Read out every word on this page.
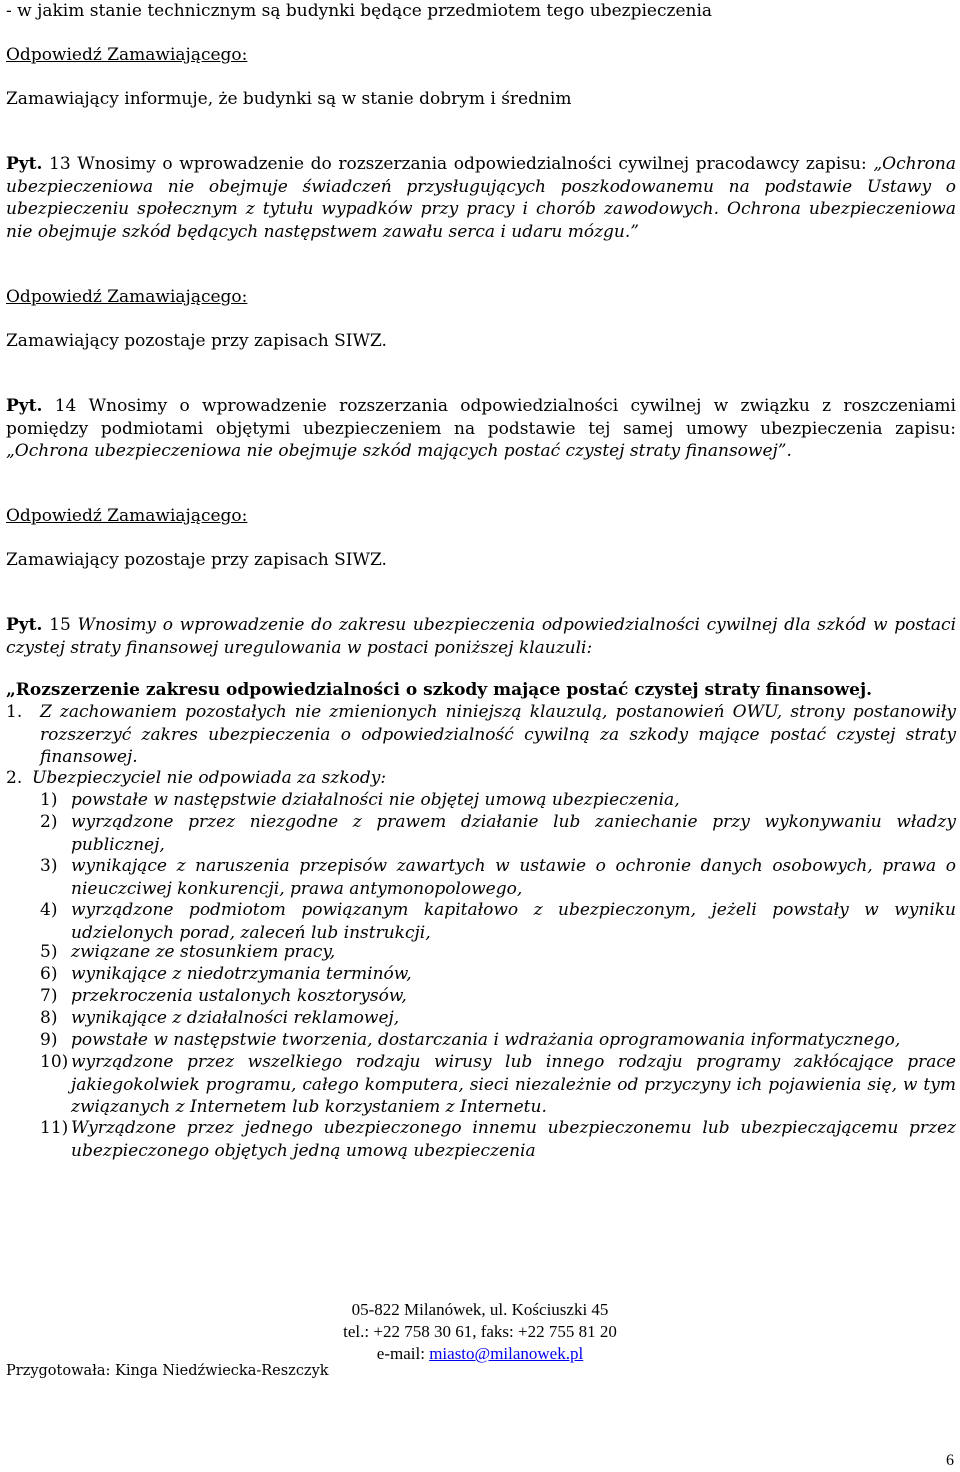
- w jakim stanie technicznym są budynki będące przedmiotem tego ubezpieczenia
Odpowiedź Zamawiającego:
Zamawiający informuje, że budynki są w stanie dobrym i średnim
Pyt. 13 Wnosimy o wprowadzenie do rozszerzania odpowiedzialności cywilnej pracodawcy zapisu: „Ochrona ubezpieczeniowa nie obejmuje świadczeń przysługujących poszkodowanemu na podstawie Ustawy o ubezpieczeniu społecznym z tytułu wypadków przy pracy i chorób zawodowych. Ochrona ubezpieczeniowa nie obejmuje szkód będących następstwem zawału serca i udaru mózgu.”
Odpowiedź Zamawiającego:
Zamawiający pozostaje przy zapisach SIWZ.
Pyt. 14 Wnosimy o wprowadzenie rozszerzania odpowiedzialności cywilnej w związku z roszczeniami pomiędzy podmiotami objętymi ubezpieczeniem na podstawie tej samej umowy ubezpieczenia zapisu: „Ochrona ubezpieczeniowa nie obejmuje szkód mających postać czystej straty finansowej”.
Odpowiedź Zamawiającego:
Zamawiający pozostaje przy zapisach SIWZ.
Pyt. 15 Wnosimy o wprowadzenie do zakresu ubezpieczenia odpowiedzialności cywilnej dla szkód w postaci czystej straty finansowej uregulowania w postaci poniższej klauzuli:
„Rozszerzenie zakresu odpowiedzialności o szkody mające postać czystej straty finansowej.
1. Z zachowaniem pozostałych nie zmienionych niniejszą klauzulą, postanowień OWU, strony postanowiły rozszerzyć zakres ubezpieczenia o odpowiedzialność cywilną za szkody mające postać czystej straty finansowej.
2. Ubezpieczyciel nie odpowiada za szkody:
1) powstałe w następstwie działalności nie objętej umową ubezpieczenia,
2) wyrządzone przez niezgodne z prawem działanie lub zaniechanie przy wykonywaniu władzy publicznej,
3) wynikające z naruszenia przepisów zawartych w ustawie o ochronie danych osobowych, prawa o nieuczciwej konkurencji, prawa antymonopolowego,
4) wyrządzone podmiotom powiązanym kapitałowo z ubezpieczonym, jeżeli powstały w wyniku udzielonych porad, zaleceń lub instrukcji,
5) związane ze stosunkiem pracy,
6) wynikające z niedotrzymania terminów,
7) przekroczenia ustalonych kosztorysów,
8) wynikające z działalności reklamowej,
9) powstałe w następstwie tworzenia, dostarczania i wdrażania oprogramowania informatycznego,
10) wyrządzone przez wszelkiego rodzaju wirusy lub innego rodzaju programy zakłócające prace jakiegokolwiek programu, całego komputera, sieci niezależnie od przyczyny ich pojawienia się, w tym związanych z Internetem lub korzystaniem z Internetu.
11) Wyrządzone przez jednego ubezpieczonego innemu ubezpieczonemu lub ubezpieczającemu przez ubezpieczonego objętych jedną umową ubezpieczenia
05-822 Milanówek, ul. Kościuszki 45
tel.: +22 758 30 61, faks: +22 755 81 20
e-mail: miasto@milanowek.pl
Przygotowała: Kinga Niedźwiecka-Reszczyk
6
